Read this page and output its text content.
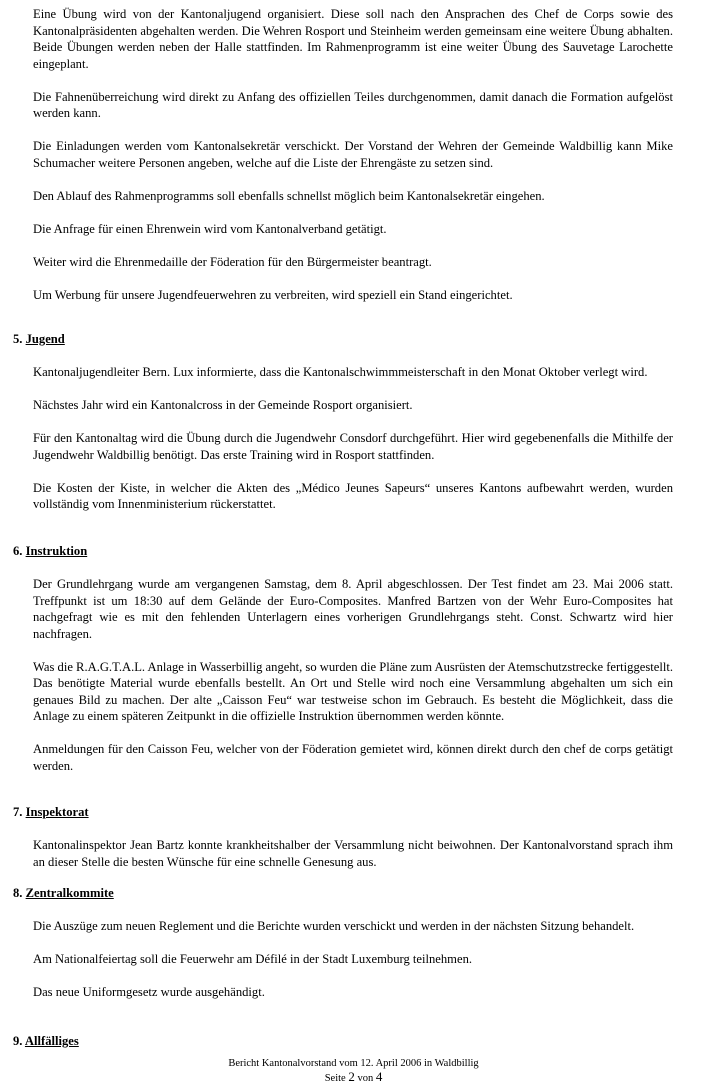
Eine Übung wird von der Kantonaljugend organisiert. Diese soll nach den Ansprachen des Chef de Corps sowie des Kantonalpräsidenten abgehalten werden. Die Wehren Rosport und Steinheim werden gemeinsam eine weitere Übung abhalten. Beide Übungen werden neben der Halle stattfinden. Im Rahmenprogramm ist eine weiter Übung des Sauvetage Larochette eingeplant.

Die Fahnenüberreichung wird direkt zu Anfang des offiziellen Teiles durchgenommen, damit danach die Formation aufgelöst werden kann.

Die Einladungen werden vom Kantonalsekretär verschickt. Der Vorstand der Wehren der Gemeinde Waldbillig kann Mike Schumacher weitere Personen angeben, welche auf die Liste der Ehrengäste zu setzen sind.

Den Ablauf des Rahmenprogramms soll ebenfalls schnellst möglich beim Kantonalsekretär eingehen.

Die Anfrage für einen Ehrenwein wird vom Kantonalverband getätigt.

Weiter wird die Ehrenmedaille der Föderation für den Bürgermeister beantragt.

Um Werbung für unsere Jugendfeuerwehren zu verbreiten, wird speziell ein Stand eingerichtet.

5. Jugend

Kantonaljugendleiter Bern. Lux informierte, dass die Kantonalschwimmmeisterschaft in den Monat Oktober verlegt wird.

Nächstes Jahr wird ein Kantonalcross in der Gemeinde Rosport organisiert.

Für den Kantonaltag wird die Übung durch die Jugendwehr Consdorf durchgeführt. Hier wird gegebenenfalls die Mithilfe der Jugendwehr Waldbillig benötigt. Das erste Training wird in Rosport stattfinden.

Die Kosten der Kiste, in welcher die Akten des „Médico Jeunes Sapeurs“ unseres Kantons aufbewahrt werden, wurden vollständig vom Innenministerium rückerstattet.

6. Instruktion

Der Grundlehrgang wurde am vergangenen Samstag, dem 8. April abgeschlossen. Der Test findet am 23. Mai 2006 statt. Treffpunkt ist um 18:30 auf dem Gelände der Euro-Composites. Manfred Bartzen von der Wehr Euro-Composites hat nachgefragt wie es mit den fehlenden Unterlagern eines vorherigen Grundlehrgangs steht. Const. Schwartz wird hier nachfragen.

Was die R.A.G.T.A.L. Anlage in Wasserbillig angeht, so wurden die Pläne zum Ausrüsten der Atemschutzstrecke fertiggestellt. Das benötigte Material wurde ebenfalls bestellt. An Ort und Stelle wird noch eine Versammlung abgehalten um sich ein genaues Bild zu machen. Der alte „Caisson Feu“ war testweise schon im Gebrauch. Es besteht die Möglichkeit, dass die Anlage zu einem späteren Zeitpunkt in die offizielle Instruktion übernommen werden könnte.

Anmeldungen für den Caisson Feu, welcher von der Föderation gemietet wird, können direkt durch den chef de corps getätigt werden.

7. Inspektorat

Kantonalinspektor Jean Bartz konnte krankheitshalber der Versammlung nicht beiwohnen. Der Kantonalvorstand sprach ihm an dieser Stelle die besten Wünsche für eine schnelle Genesung aus.

8. Zentralkommite

Die Auszüge zum neuen Reglement und die Berichte wurden verschickt und werden in der nächsten Sitzung behandelt.

Am Nationalfeiertag soll die Feuerwehr am Défilé in der Stadt Luxemburg teilnehmen.

Das neue Uniformgesetz wurde ausgehändigt.

9. Allfälliges
Bericht Kantonalvorstand vom 12. April 2006 in Waldbillig
Seite 2 von 4
